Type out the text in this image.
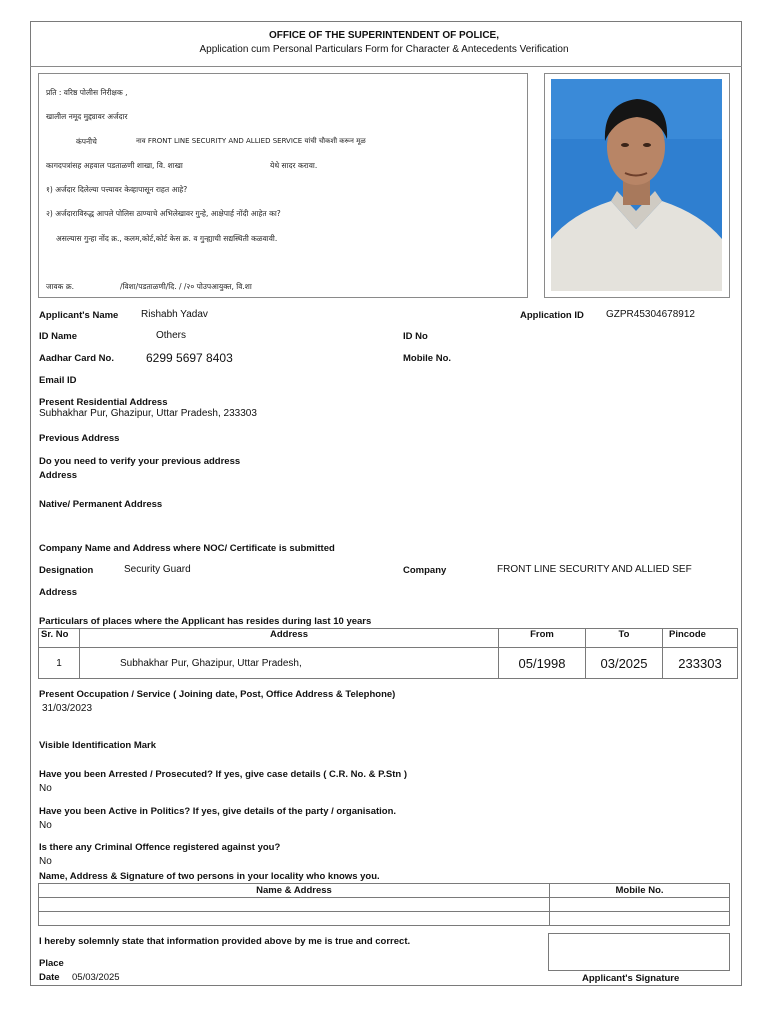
OFFICE OF THE SUPERINTENDENT OF POLICE,
Application cum Personal Particulars Form for Character & Antecedents Verification
प्रति : वरिष्ठ पोलीस निरीक्षक ,
खालील नमूद मुद्द्यावर अर्जदार
कंपनीचे	नाव FRONT LINE SECURITY AND ALLIED SERVICE यांची चौकशी करून मूळ
कागदपत्रांसह अहवाल पडताळणी शाखा, वि. शाखा	येथे सादर करावा.
१) अर्जदार दिलेल्या पत्त्यावर केव्हापासून राहत आहे?
२) अर्जदाराविरुद्ध आपले पोलिस ठाण्याचे अभिलेखावर गुन्हे, आक्षेपार्ह नोंदी आहेत का?
असल्यास गुन्हा नोंद क्र., कलम,कोर्ट,कोर्ट केस क्र. व गुन्ह्याची सद्यस्थिती कळवावी.
जावक क्र.	/विशा/पडताळणी/दि. / /२० पोउपआयुक्त, वि.शा
Applicant's Name Rishabh Yadav	Application ID GZPR45304678912
ID Name	Others	ID No
Aadhar Card No.	6299 5697 8403	Mobile No.
Email ID
Present Residential Address
Subhakhar Pur, Ghazipur, Uttar Pradesh, 233303
Previous Address
Do you need to verify your previous address
Address
Native/ Permanent Address
Company Name and Address where NOC/ Certificate is submitted
Designation	Security Guard	Company	FRONT LINE SECURITY AND ALLIED SEF
Address
Particulars of places where the Applicant has resides during last 10 years
Sr. No	Address	From	To	Pincode
1	Subhakhar Pur, Ghazipur, Uttar Pradesh,	05/1998	03/2025	233303
Present Occupation / Service ( Joining date, Post, Office Address & Telephone)
31/03/2023
Visible Identification Mark
Have you been Arrested / Prosecuted? If yes, give case details ( C.R. No. & P.Stn )
No
Have you been Active in Politics? If yes, give details of the party / organisation.
No
Is there any Criminal Offence registered against you?
No
Name, Address & Signature of two persons in your locality who knows you.
Name & Address	Mobile No.

I hereby solemnly state that information provided above by me is true and correct.
Place
Date 05/03/2025	Applicant's Signature
